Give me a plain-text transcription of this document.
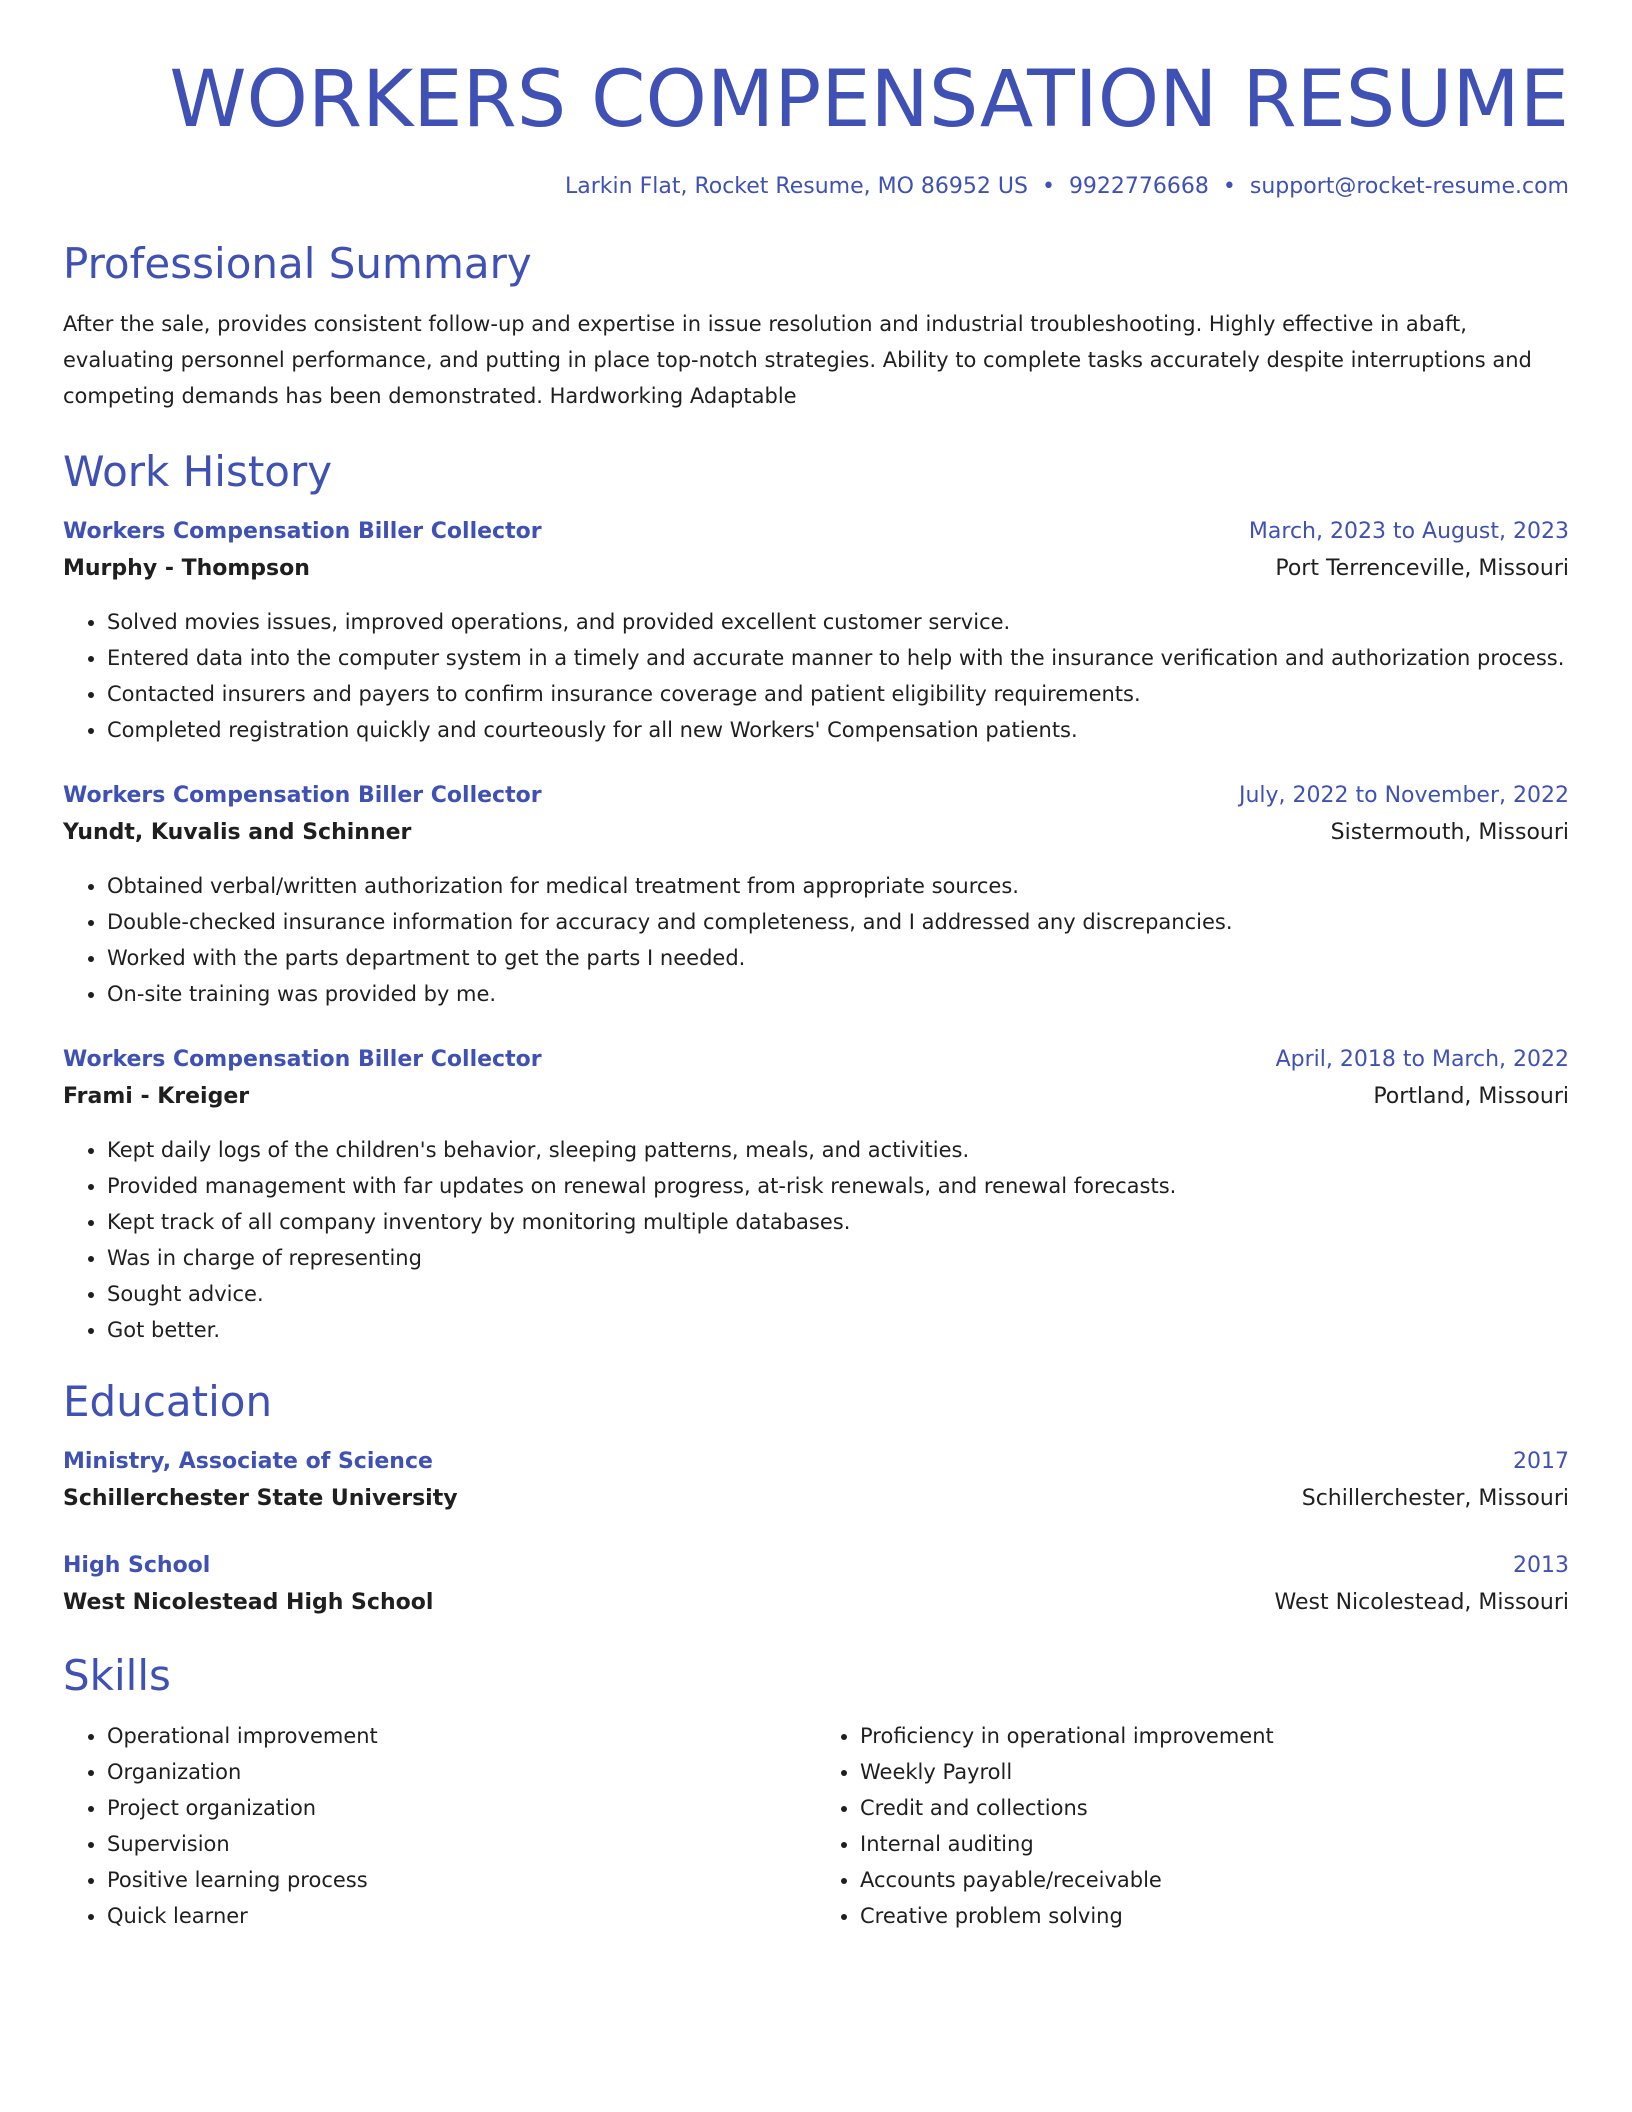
WORKERS COMPENSATION RESUME
Larkin Flat, Rocket Resume, MO 86952 US • 9922776668 • support@rocket-resume.com
Professional Summary

After the sale, provides consistent follow-up and expertise in issue resolution and industrial troubleshooting. Highly effective in abaft, evaluating personnel performance, and putting in place top-notch strategies. Ability to complete tasks accurately despite interruptions and competing demands has been demonstrated. Hardworking Adaptable

Work History
Workers Compensation Biller Collector	March, 2023 to August, 2023
Murphy - Thompson	Port Terrenceville, Missouri
• Solved movies issues, improved operations, and provided excellent customer service.
• Entered data into the computer system in a timely and accurate manner to help with the insurance verification and authorization process.
• Contacted insurers and payers to confirm insurance coverage and patient eligibility requirements.
• Completed registration quickly and courteously for all new Workers' Compensation patients.
Workers Compensation Biller Collector	July, 2022 to November, 2022
Yundt, Kuvalis and Schinner	Sistermouth, Missouri
• Obtained verbal/written authorization for medical treatment from appropriate sources.
• Double-checked insurance information for accuracy and completeness, and I addressed any discrepancies.
• Worked with the parts department to get the parts I needed.
• On-site training was provided by me.
Workers Compensation Biller Collector	April, 2018 to March, 2022
Frami - Kreiger	Portland, Missouri
• Kept daily logs of the children's behavior, sleeping patterns, meals, and activities.
• Provided management with far updates on renewal progress, at-risk renewals, and renewal forecasts.
• Kept track of all company inventory by monitoring multiple databases.
• Was in charge of representing
• Sought advice.
• Got better.
Education
Ministry, Associate of Science	2017
Schillerchester State University	Schillerchester, Missouri
High School	2013
West Nicolestead High School	West Nicolestead, Missouri
Skills
• Operational improvement
• Organization
• Project organization
• Supervision
• Positive learning process
• Quick learner
• Proficiency in operational improvement
• Weekly Payroll
• Credit and collections
• Internal auditing
• Accounts payable/receivable
• Creative problem solving
